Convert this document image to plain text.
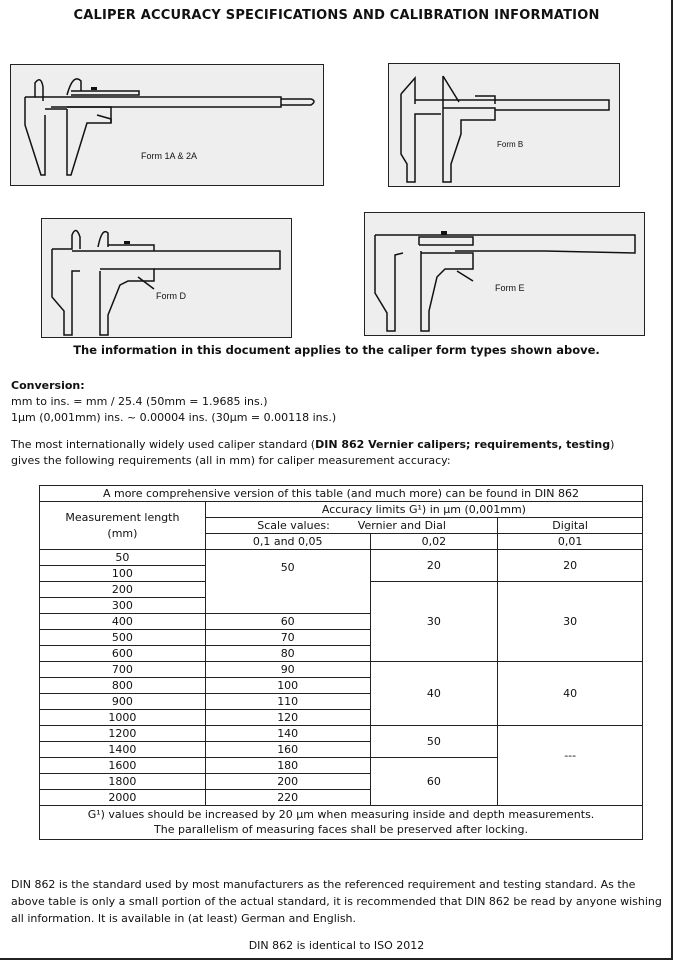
CALIPER ACCURACY SPECIFICATIONS AND CALIBRATION INFORMATION
Form 1A & 2A
Form B
Form D
Form E
The information in this document applies to the caliper form types shown above.
Conversion:
mm to ins. = mm / 25.4 (50mm = 1.9685 ins.)
1µm (0,001mm) ins. ~ 0.00004 ins. (30µm = 0.00118 ins.)
The most internationally widely used caliper standard (DIN 862 Vernier calipers; requirements, testing)
gives the following requirements (all in mm) for caliper measurement accuracy:
A more comprehensive version of this table (and much more) can be found in DIN 862			
Measurement length (mm)	Accuracy limits G¹) in µm (0,001mm)		
	Scale values: Vernier and Dial		Digital
	0,1 and 0,05	0,02	0,01
50	50	20	20
100			
200		30	30
300			
400	60		
500	70		
600	80		
700	90	40	40
800	100		
900	110		
1000	120		
1200	140	50	---
1400	160		
1600	180	60	
1800	200		
2000	220		

G¹) values should be increased by 20 µm when measuring inside and depth measurements.
The parallelism of measuring faces shall be preserved after locking.			
DIN 862 is the standard used by most manufacturers as the referenced requirement and testing standard. As the above table is only a small portion of the actual standard, it is recommended that DIN 862 be read by anyone wishing all information. It is available in (at least) German and English.
DIN 862 is identical to ISO 2012
